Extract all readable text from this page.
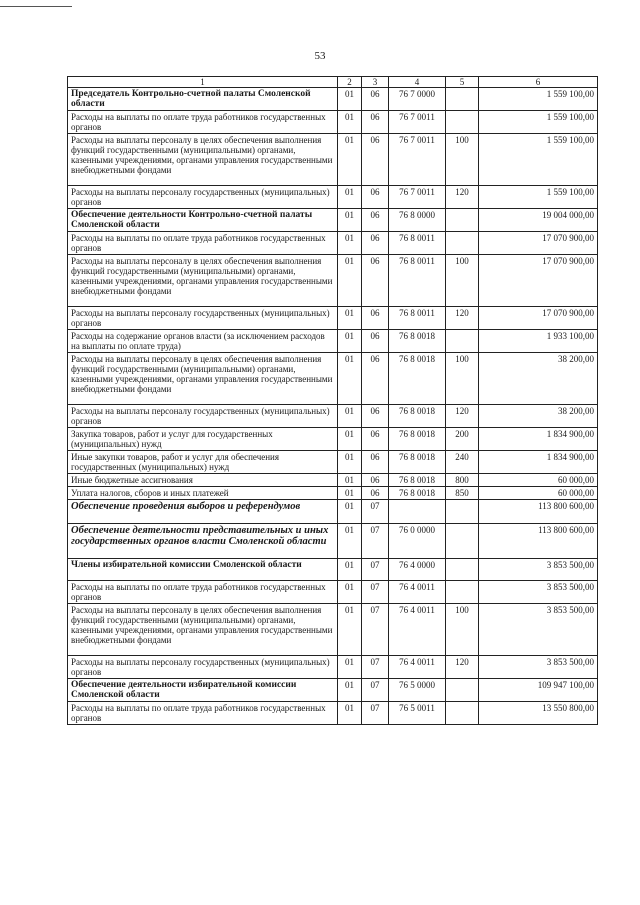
53
1	2	3	4	5	6
Председатель Контрольно-счетной палаты Смоленской области	01	06	76 7 0000		1 559 100,00
Расходы на выплаты по оплате труда работников государственных органов	01	06	76 7 0011		1 559 100,00
Расходы на выплаты персоналу в целях обеспечения выполнения функций государственными (муниципальными) органами, казенными учреждениями, органами управления государственными внебюджетными фондами	01	06	76 7 0011	100	1 559 100,00
Расходы на выплаты персоналу государственных (муниципальных) органов	01	06	76 7 0011	120	1 559 100,00
Обеспечение деятельности Контрольно-счетной палаты Смоленской области	01	06	76 8 0000		19 004 000,00
Расходы на выплаты по оплате труда работников государственных органов	01	06	76 8 0011		17 070 900,00
Расходы на выплаты персоналу в целях обеспечения выполнения функций государственными (муниципальными) органами, казенными учреждениями, органами управления государственными внебюджетными фондами	01	06	76 8 0011	100	17 070 900,00
Расходы на выплаты персоналу государственных (муниципальных) органов	01	06	76 8 0011	120	17 070 900,00
Расходы на содержание органов власти (за исключением расходов на выплаты по оплате труда)	01	06	76 8 0018		1 933 100,00
Расходы на выплаты персоналу в целях обеспечения выполнения функций государственными (муниципальными) органами, казенными учреждениями, органами управления государственными внебюджетными фондами	01	06	76 8 0018	100	38 200,00
Расходы на выплаты персоналу государственных (муниципальных) органов	01	06	76 8 0018	120	38 200,00
Закупка товаров, работ и услуг для государственных (муниципальных) нужд	01	06	76 8 0018	200	1 834 900,00
Иные закупки товаров, работ и услуг для обеспечения государственных (муниципальных) нужд	01	06	76 8 0018	240	1 834 900,00
Иные бюджетные ассигнования	01	06	76 8 0018	800	60 000,00
Уплата налогов, сборов и иных платежей	01	06	76 8 0018	850	60 000,00
Обеспечение проведения выборов и референдумов	01	07			113 800 600,00
Обеспечение деятельности представительных и иных государственных органов власти Смоленской области	01	07	76 0 0000		113 800 600,00
Члены избирательной комиссии Смоленской области	01	07	76 4 0000		3 853 500,00
Расходы на выплаты по оплате труда работников государственных органов	01	07	76 4 0011		3 853 500,00
Расходы на выплаты персоналу в целях обеспечения выполнения функций государственными (муниципальными) органами, казенными учреждениями, органами управления государственными внебюджетными фондами	01	07	76 4 0011	100	3 853 500,00
Расходы на выплаты персоналу государственных (муниципальных) органов	01	07	76 4 0011	120	3 853 500,00
Обеспечение деятельности избирательной комиссии Смоленской области	01	07	76 5 0000		109 947 100,00
Расходы на выплаты по оплате труда работников государственных органов	01	07	76 5 0011		13 550 800,00
